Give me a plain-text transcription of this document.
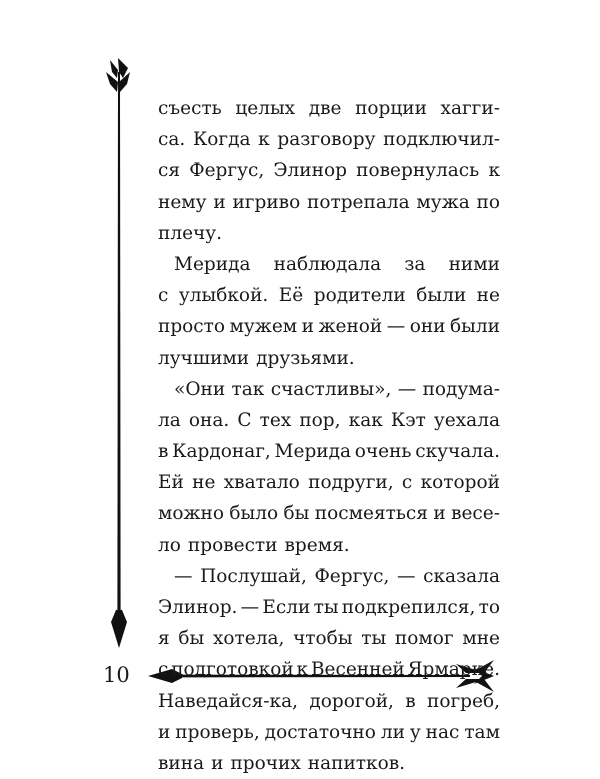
съесть целых две порции хагги-
са. Когда к разговору подключил-
ся Фергус, Элинор повернулась к
нему и игриво потрепала мужа по
плечу.
Мерида наблюдала за ними
с улыбкой. Её родители были не
просто мужем и женой — они были
лучшими друзьями.
«Они так счастливы», — подума-
ла она. С тех пор, как Кэт уехала
в Кардонаг, Мерида очень скучала.
Ей не хватало подруги, с которой
можно было бы посмеяться и весе-
ло провести время.
— Послушай, Фергус, — сказала
Элинор. — Если ты подкрепился, то
я бы хотела, чтобы ты помог мне
с подготовкой к Весенней Ярмарке.
Наведайся-ка, дорогой, в погреб,
и проверь, достаточно ли у нас там
вина и прочих напитков.
10
